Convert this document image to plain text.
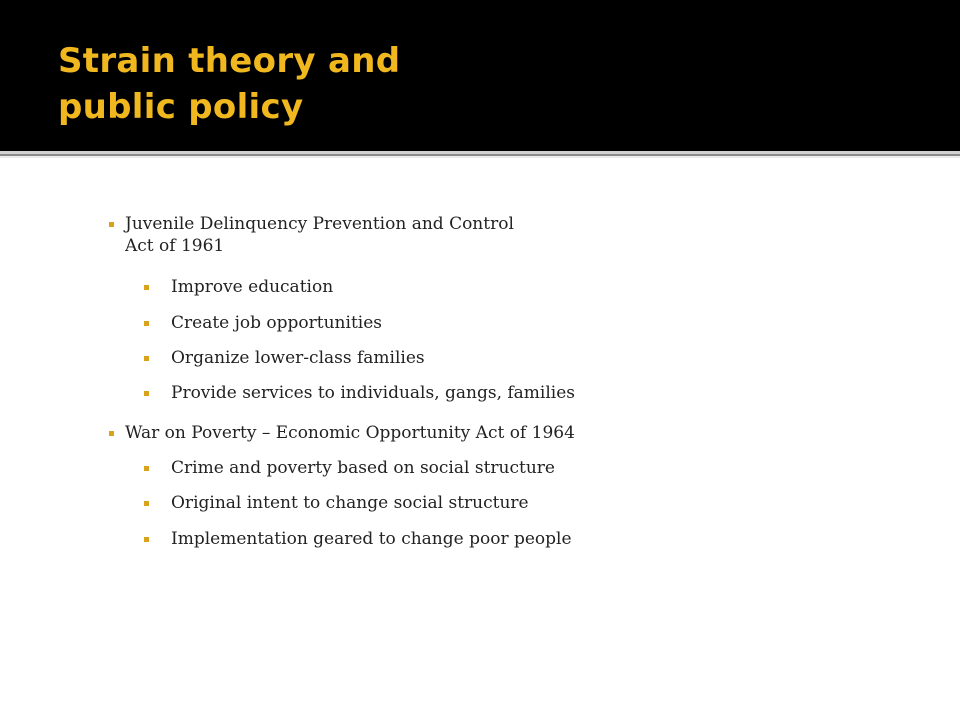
Strain theory and
public policy
Juvenile Delinquency Prevention and Control Act of 1961
Improve education
Create job opportunities
Organize lower-class families
Provide services to individuals, gangs, families
War on Poverty – Economic Opportunity Act of 1964
Crime and poverty based on social structure
Original intent to change social structure
Implementation geared to change poor people
